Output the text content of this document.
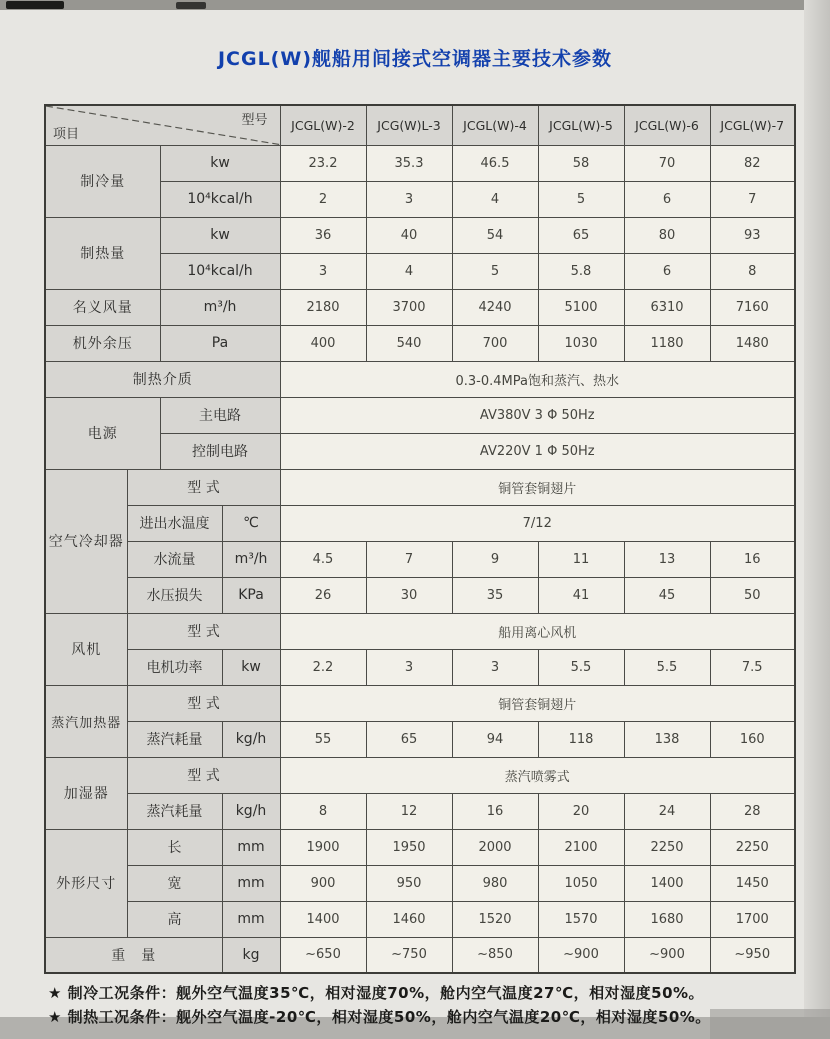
JCGL(W)舰船用间接式空调器主要技术参数
项目
型号				JCGL(W)-2	JCG(W)L-3	JCGL(W)-4	JCGL(W)-5	JCGL(W)-6	JCGL(W)-7
制冷量		kw		23.2	35.3	46.5	58	70	82
		10⁴kcal/h		2	3	4	5	6	7
制热量		kw		36	40	54	65	80	93
		10⁴kcal/h		3	4	5	5.8	6	8
名义风量		m³/h		2180	3700	4240	5100	6310	7160
机外余压		Pa		400	540	700	1030	1180	1480
制热介质				0.3-0.4MPa饱和蒸汽、热水					
电源		主电路		AV380V 3 Φ 50Hz					
		控制电路		AV220V 1 Φ 50Hz					
空气冷却器	型 式			铜管套铜翅片					
	进出水温度		℃	7/12					
	水流量		m³/h	4.5	7	9	11	13	16
	水压损失		KPa	26	30	35	41	45	50
风机	型 式			船用离心风机					
	电机功率		kw	2.2	3	3	5.5	5.5	7.5
蒸汽加热器	型 式			铜管套铜翅片					
	蒸汽耗量		kg/h	55	65	94	118	138	160
加湿器	型 式			蒸汽喷雾式					
	蒸汽耗量		kg/h	8	12	16	20	24	28
外形尺寸	长		mm	1900	1950	2000	2100	2250	2250
	宽		mm	900	950	980	1050	1400	1450
	高		mm	1400	1460	1520	1570	1680	1700
重　量			kg	~650	~750	~850	~900	~900	~950
★ 制冷工况条件：舰外空气温度35℃，相对湿度70%，舱内空气温度27℃，相对湿度50%。
★ 制热工况条件：舰外空气温度-20℃，相对湿度50%，舱内空气温度20℃，相对湿度50%。
